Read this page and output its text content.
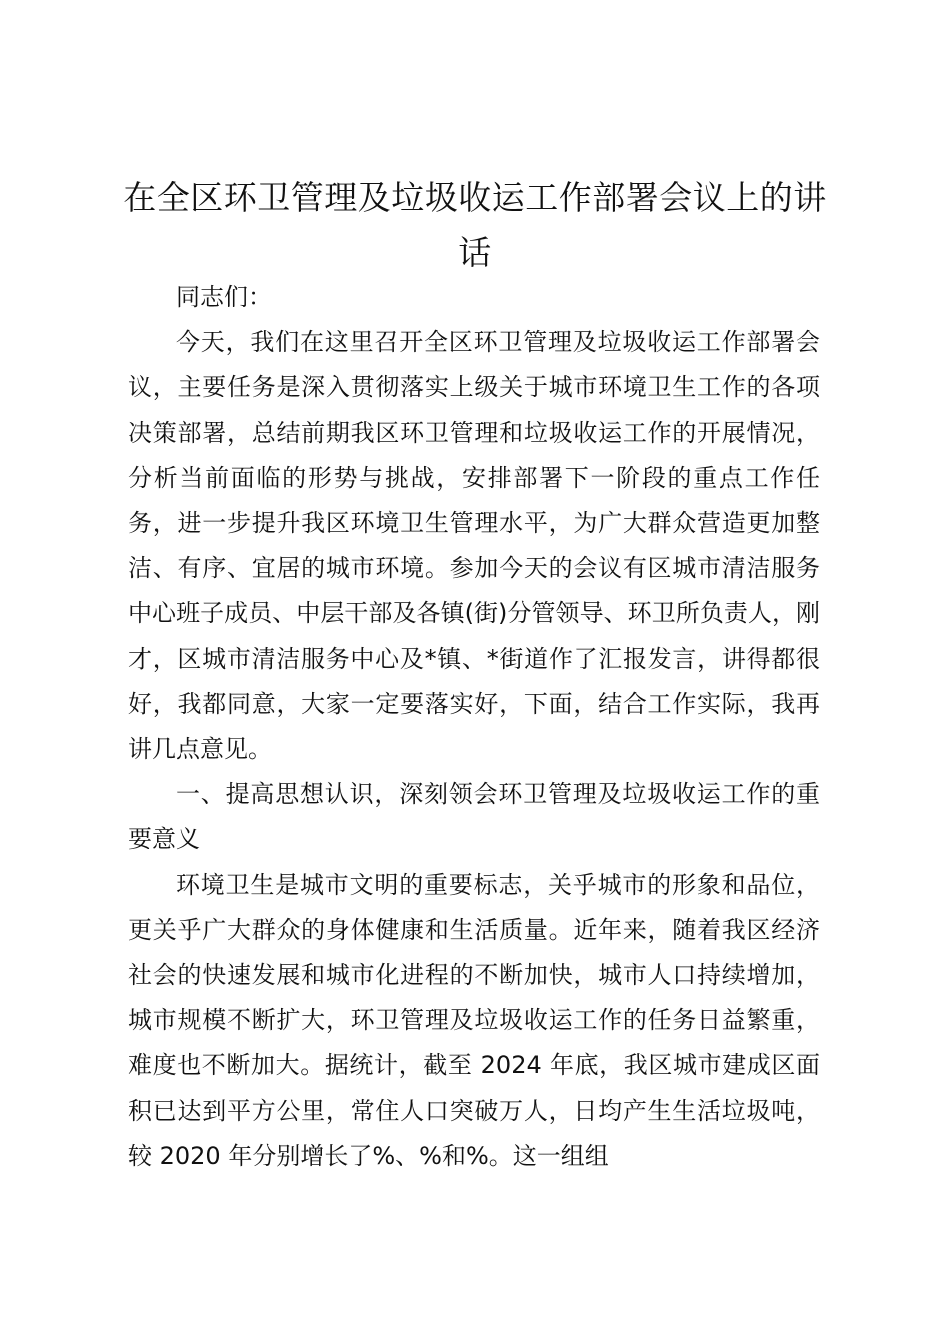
在全区环卫管理及垃圾收运工作部署会议上的讲话

同志们：

今天，我们在这里召开全区环卫管理及垃圾收运工作部署会议，主要任务是深入贯彻落实上级关于城市环境卫生工作的各项决策部署，总结前期我区环卫管理和垃圾收运工作的开展情况，分析当前面临的形势与挑战，安排部署下一阶段的重点工作任务，进一步提升我区环境卫生管理水平，为广大群众营造更加整洁、有序、宜居的城市环境。参加今天的会议有区城市清洁服务中心班子成员、中层干部及各镇(街)分管领导、环卫所负责人，刚才，区城市清洁服务中心及*镇、*街道作了汇报发言，讲得都很好，我都同意，大家一定要落实好，下面，结合工作实际，我再讲几点意见。

一、提高思想认识，深刻领会环卫管理及垃圾收运工作的重要意义

环境卫生是城市文明的重要标志，关乎城市的形象和品位，更关乎广大群众的身体健康和生活质量。近年来，随着我区经济社会的快速发展和城市化进程的不断加快，城市人口持续增加，城市规模不断扩大，环卫管理及垃圾收运工作的任务日益繁重，难度也不断加大。据统计，截至 2024 年底，我区城市建成区面积已达到平方公里，常住人口突破万人，日均产生生活垃圾吨，较 2020 年分别增长了%、%和%。这一组组
